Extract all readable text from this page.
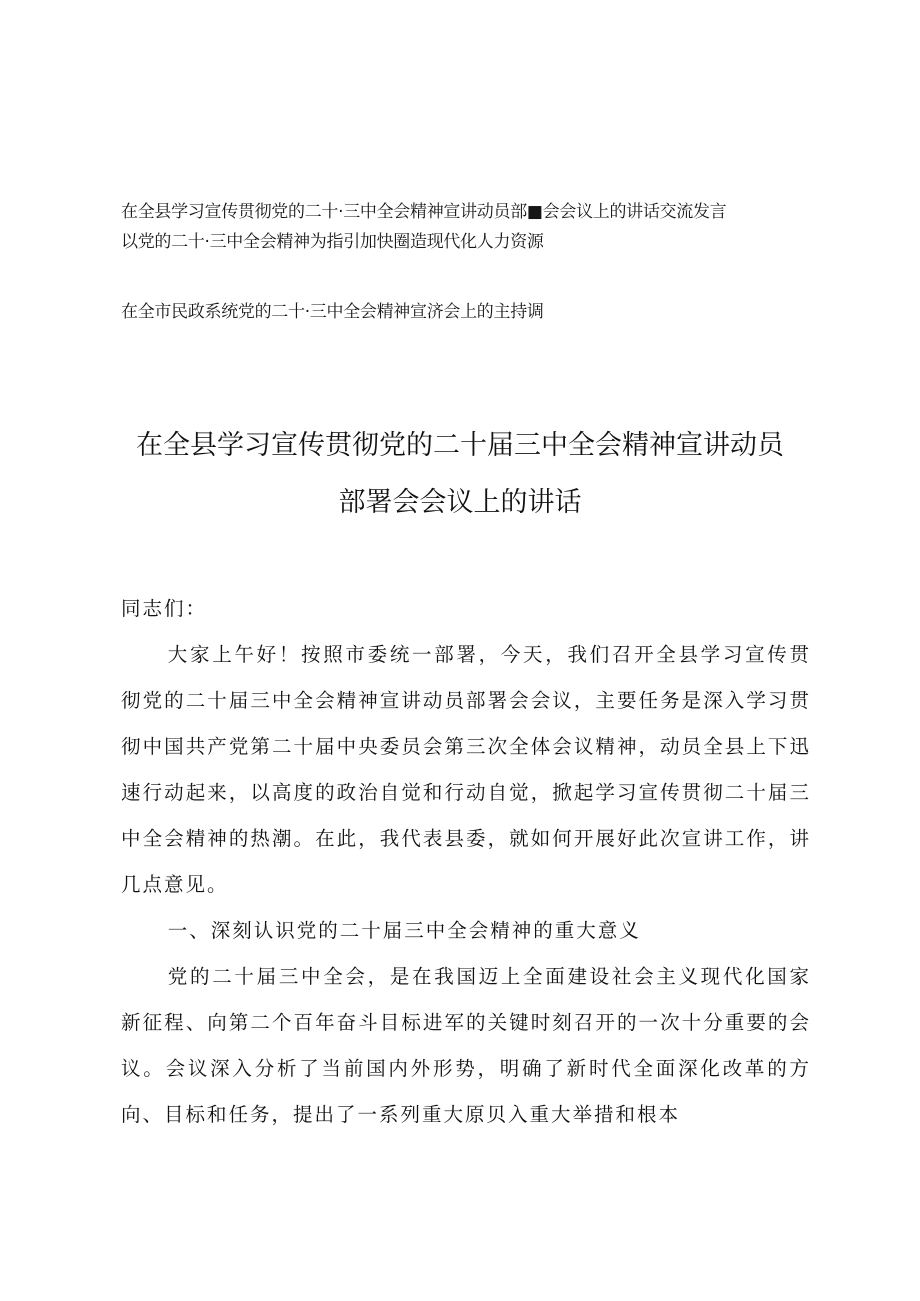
在全县学习宣传贯彻党的二十·三中全会精神宣讲动员部■会会议上的讲话交流发言
以党的二十·三中全会精神为指引加快圈造现代化人力资源
在全市民政系统党的二十·三中全会精神宣济会上的主持调
在全县学习宣传贯彻党的二十届三中全会精神宣讲动员
部署会会议上的讲话

同志们：

大家上午好！按照市委统一部署，今天，我们召开全县学习宣传贯彻党的二十届三中全会精神宣讲动员部署会会议，主要任务是深入学习贯彻中国共产党第二十届中央委员会第三次全体会议精神，动员全县上下迅速行动起来，以高度的政治自觉和行动自觉，掀起学习宣传贯彻二十届三中全会精神的热潮。在此，我代表县委，就如何开展好此次宣讲工作，讲几点意见。

一、深刻认识党的二十届三中全会精神的重大意义

党的二十届三中全会，是在我国迈上全面建设社会主义现代化国家新征程、向第二个百年奋斗目标进军的关键时刻召开的一次十分重要的会议。会议深入分析了当前国内外形势，明确了新时代全面深化改革的方向、目标和任务，提出了一系列重大原贝入重大举措和根本
